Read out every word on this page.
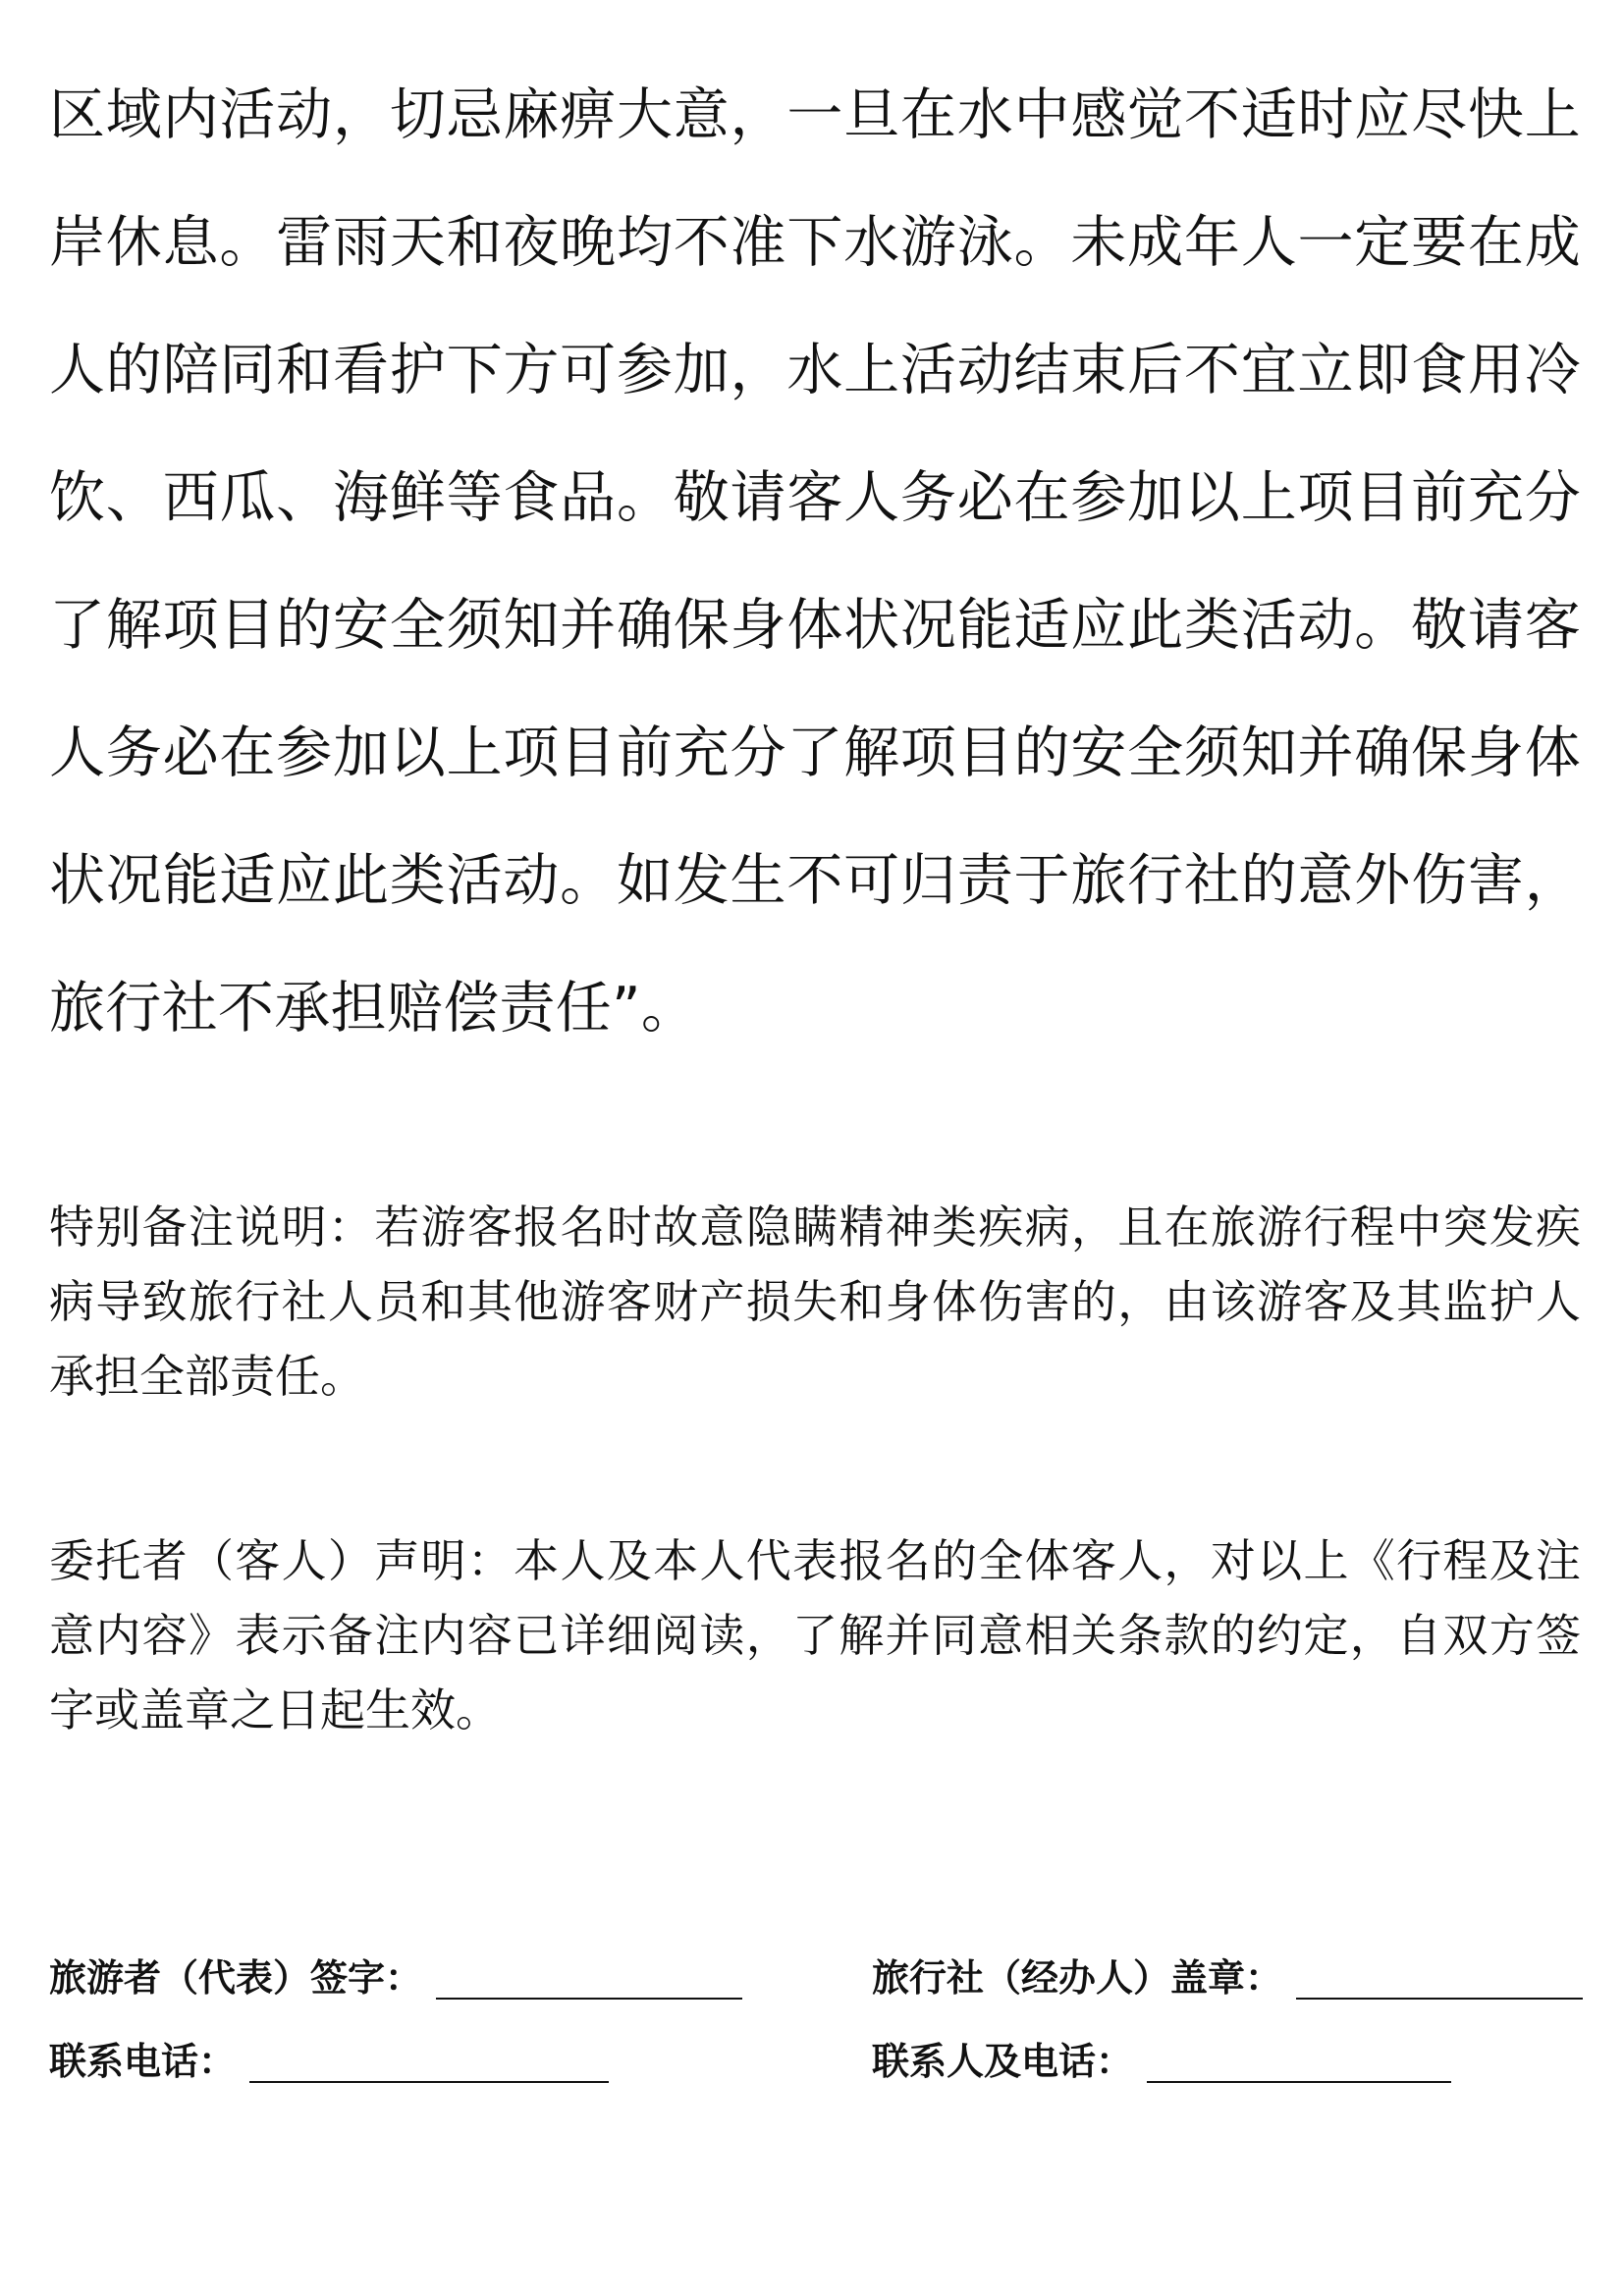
区域内活动，切忌麻痹大意，一旦在水中感觉不适时应尽快上岸休息。雷雨天和夜晚均不准下水游泳。未成年人一定要在成人的陪同和看护下方可参加，水上活动结束后不宜立即食用冷饮、西瓜、海鲜等食品。敬请客人务必在参加以上项目前充分了解项目的安全须知并确保身体状况能适应此类活动。敬请客人务必在参加以上项目前充分了解项目的安全须知并确保身体状况能适应此类活动。如发生不可归责于旅行社的意外伤害，旅行社不承担赔偿责任”。

特别备注说明：若游客报名时故意隐瞒精神类疾病，且在旅游行程中突发疾病导致旅行社人员和其他游客财产损失和身体伤害的，由该游客及其监护人承担全部责任。

委托者（客人）声明：本人及本人代表报名的全体客人，对以上《行程及注意内容》表示备注内容已详细阅读，了解并同意相关条款的约定，自双方签字或盖章之日起生效。

旅游者（代表）签字：	旅行社（经办人）盖章：
联系电话：	联系人及电话：
